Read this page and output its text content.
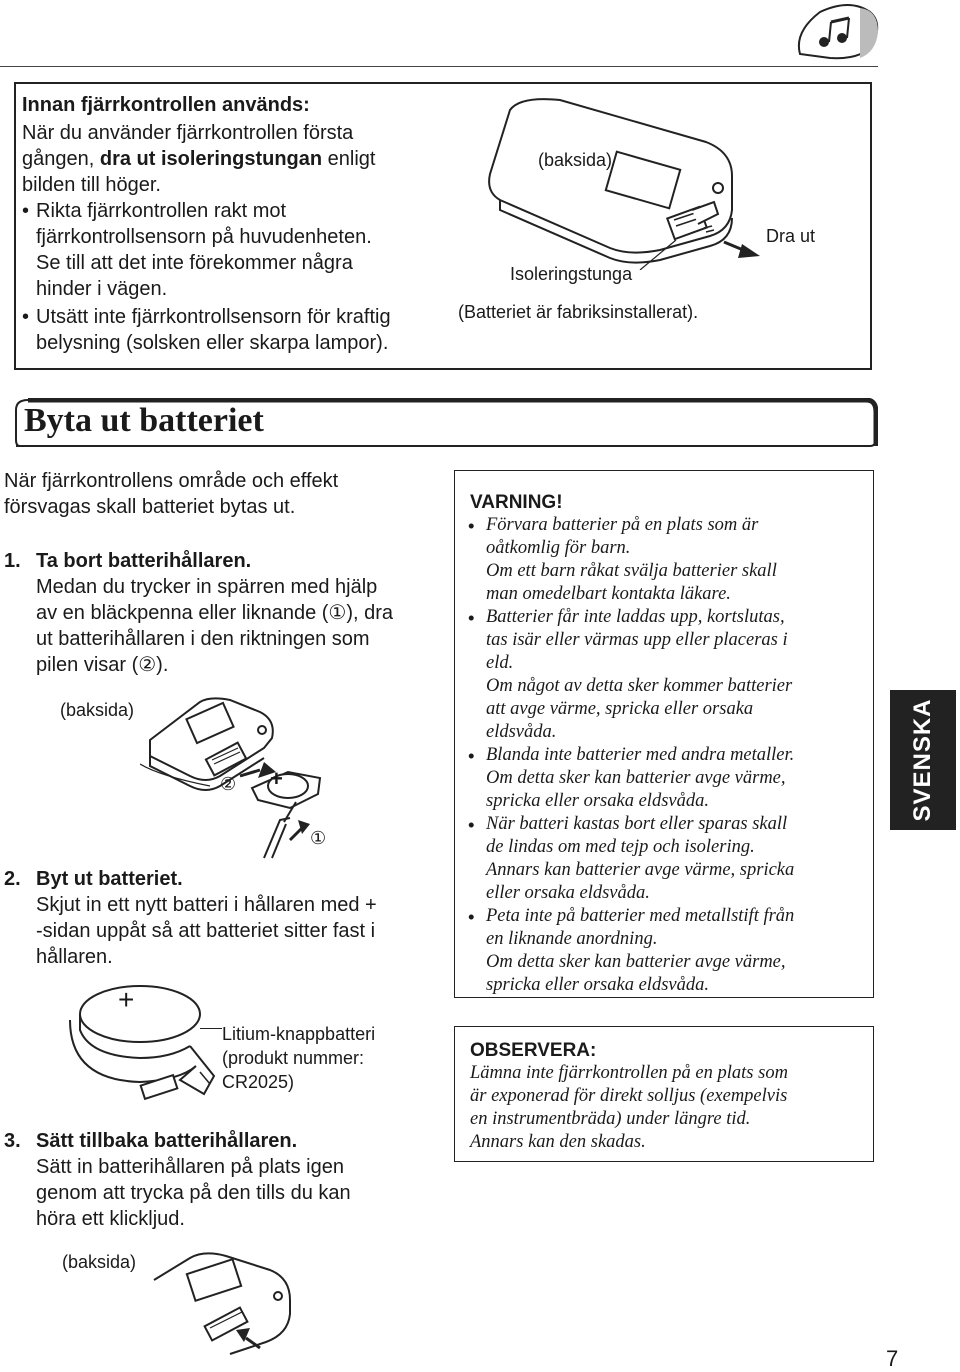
Innan fjärrkontrollen används:
När du använder fjärrkontrollen första
gången, dra ut isoleringstungan enligt
bilden till höger.
• Rikta fjärrkontrollen rakt mot
fjärrkontrollsensorn på huvudenheten.
Se till att det inte förekommer några
hinder i vägen.
• Utsätt inte fjärrkontrollsensorn för kraftig
belysning (solsken eller skarpa lampor).
(baksida)
Dra ut
Isoleringstunga
(Batteriet är fabriksinstallerat).
Byta ut batteriet
När fjärrkontrollens område och effekt
försvagas skall batteriet bytas ut.
1. Ta bort batterihållaren.
Medan du trycker in spärren med hjälp
av en bläckpenna eller liknande (①), dra
ut batterihållaren i den riktningen som
pilen visar (②).
(baksida)
② +
①
2. Byt ut batteriet.
Skjut in ett nytt batteri i hållaren med +
-sidan uppåt så att batteriet sitter fast i
hållaren.
+
Litium-knappbatteri
(produkt nummer:
CR2025)
3. Sätt tillbaka batterihållaren.
Sätt in batterihållaren på plats igen
genom att trycka på den tills du kan
höra ett klickljud.
(baksida)
VARNING!
• Förvara batterier på en plats som är
oåtkomlig för barn.
Om ett barn råkat svälja batterier skall
man omedelbart kontakta läkare.
• Batterier får inte laddas upp, kortslutas,
tas isär eller värmas upp eller placeras i
eld.
Om något av detta sker kommer batterier
att avge värme, spricka eller orsaka
eldsvåda.
• Blanda inte batterier med andra metaller.
Om detta sker kan batterier avge värme,
spricka eller orsaka eldsvåda.
• När batteri kastas bort eller sparas skall
de lindas om med tejp och isolering.
Annars kan batterier avge värme, spricka
eller orsaka eldsvåda.
• Peta inte på batterier med metallstift från
en liknande anordning.
Om detta sker kan batterier avge värme,
spricka eller orsaka eldsvåda.
OBSERVERA:
Lämna inte fjärrkontrollen på en plats som
är exponerad för direkt solljus (exempelvis
en instrumentbräda) under längre tid.
Annars kan den skadas.
SVENSKA
7
